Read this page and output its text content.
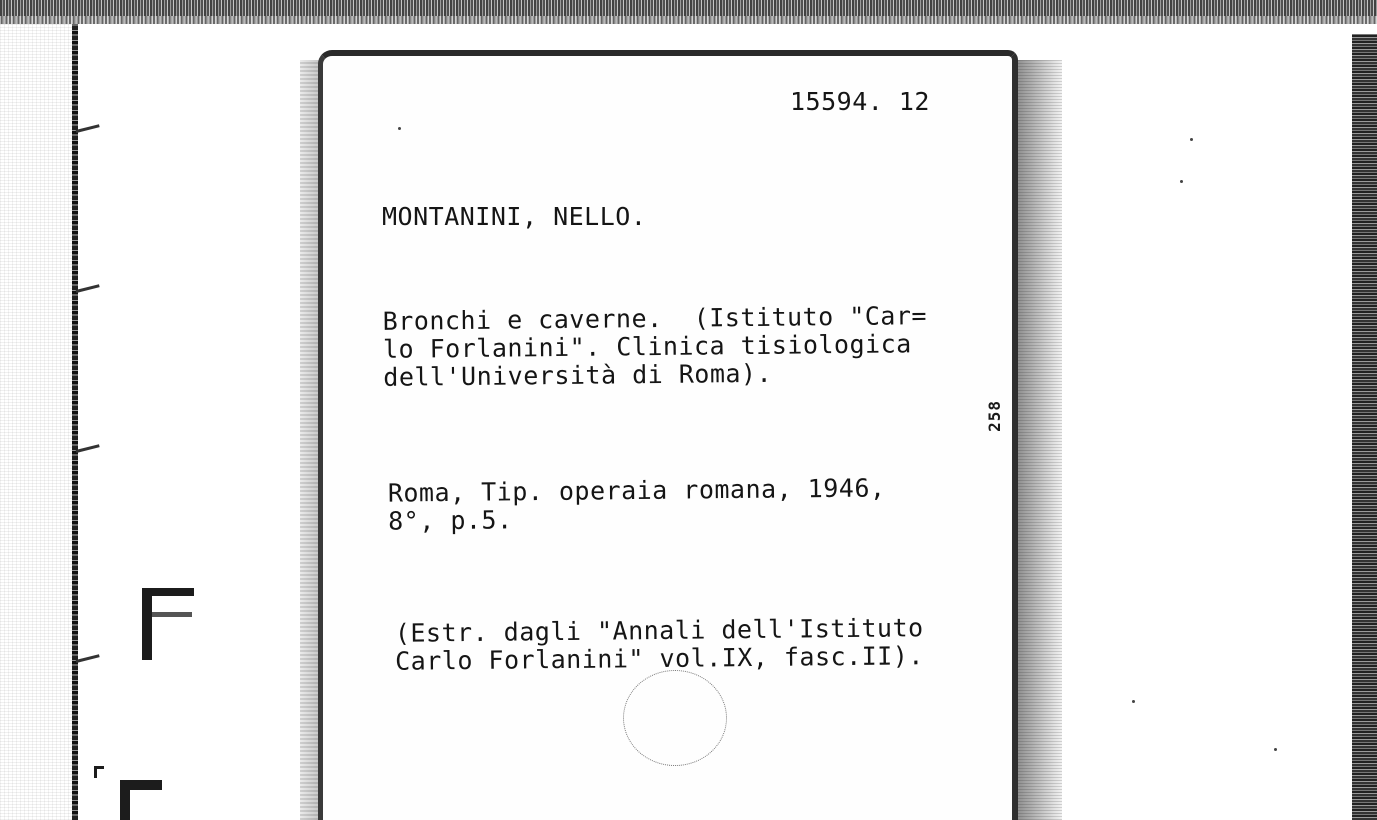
15594. 12
MONTANINI, NELLO.
Bronchi e caverne.  (Istituto "Car=
lo Forlanini". Clinica tisiologica
dell'Università di Roma).
Roma, Tip. operaia romana, 1946,
8°, p.5.
(Estr. dagli "Annali dell'Istituto
Carlo Forlanini" vol.IX, fasc.II).
258
